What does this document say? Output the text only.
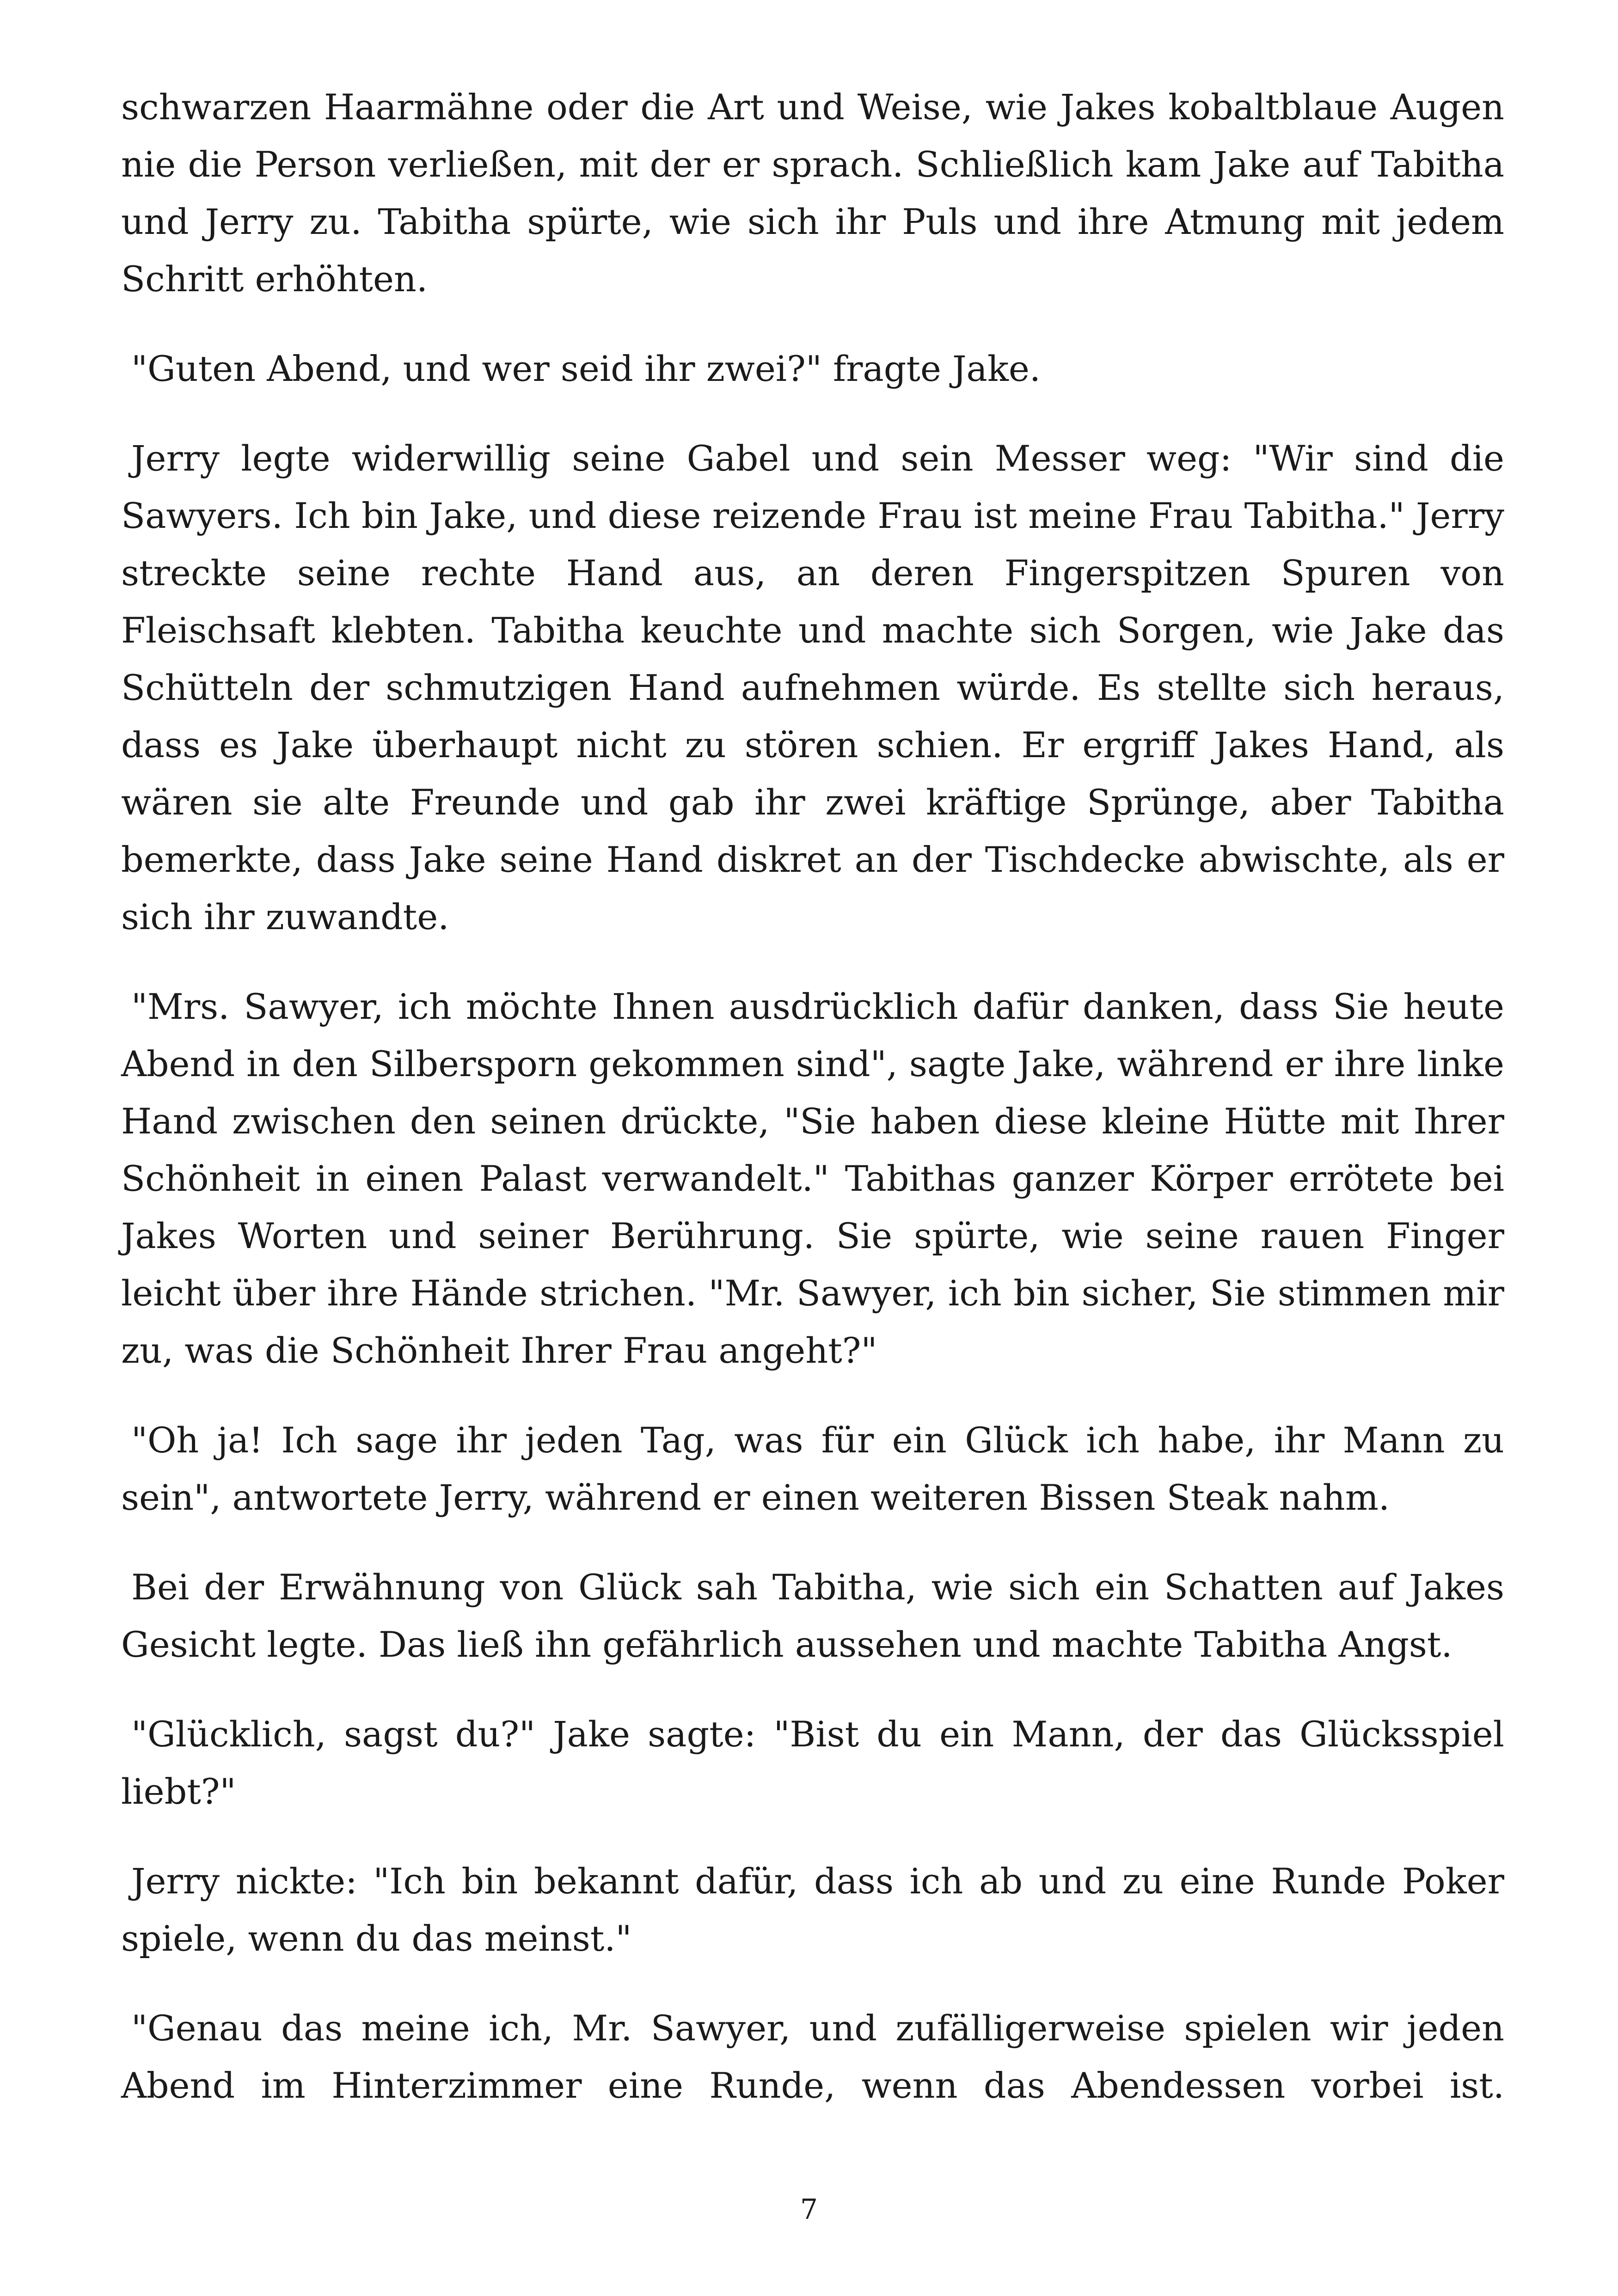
schwarzen Haarmähne oder die Art und Weise, wie Jakes kobaltblaue Augen nie die Person verließen, mit der er sprach. Schließlich kam Jake auf Tabitha und Jerry zu. Tabitha spürte, wie sich ihr Puls und ihre Atmung mit jedem Schritt erhöhten.

"Guten Abend, und wer seid ihr zwei?" fragte Jake.

Jerry legte widerwillig seine Gabel und sein Messer weg: "Wir sind die Sawyers. Ich bin Jake, und diese reizende Frau ist meine Frau Tabitha." Jerry streckte seine rechte Hand aus, an deren Fingerspitzen Spuren von Fleischsaft klebten. Tabitha keuchte und machte sich Sorgen, wie Jake das Schütteln der schmutzigen Hand aufnehmen würde. Es stellte sich heraus, dass es Jake überhaupt nicht zu stören schien. Er ergriff Jakes Hand, als wären sie alte Freunde und gab ihr zwei kräftige Sprünge, aber Tabitha bemerkte, dass Jake seine Hand diskret an der Tischdecke abwischte, als er sich ihr zuwandte.

"Mrs. Sawyer, ich möchte Ihnen ausdrücklich dafür danken, dass Sie heute Abend in den Silbersporn gekommen sind", sagte Jake, während er ihre linke Hand zwischen den seinen drückte, "Sie haben diese kleine Hütte mit Ihrer Schönheit in einen Palast verwandelt." Tabithas ganzer Körper errötete bei Jakes Worten und seiner Berührung. Sie spürte, wie seine rauen Finger leicht über ihre Hände strichen. "Mr. Sawyer, ich bin sicher, Sie stimmen mir zu, was die Schönheit Ihrer Frau angeht?"

"Oh ja! Ich sage ihr jeden Tag, was für ein Glück ich habe, ihr Mann zu sein", antwortete Jerry, während er einen weiteren Bissen Steak nahm.

Bei der Erwähnung von Glück sah Tabitha, wie sich ein Schatten auf Jakes Gesicht legte. Das ließ ihn gefährlich aussehen und machte Tabitha Angst.

"Glücklich, sagst du?" Jake sagte: "Bist du ein Mann, der das Glücksspiel liebt?"

Jerry nickte: "Ich bin bekannt dafür, dass ich ab und zu eine Runde Poker spiele, wenn du das meinst."

"Genau das meine ich, Mr. Sawyer, und zufälligerweise spielen wir jeden Abend im Hinterzimmer eine Runde, wenn das Abendessen vorbei ist.

7
